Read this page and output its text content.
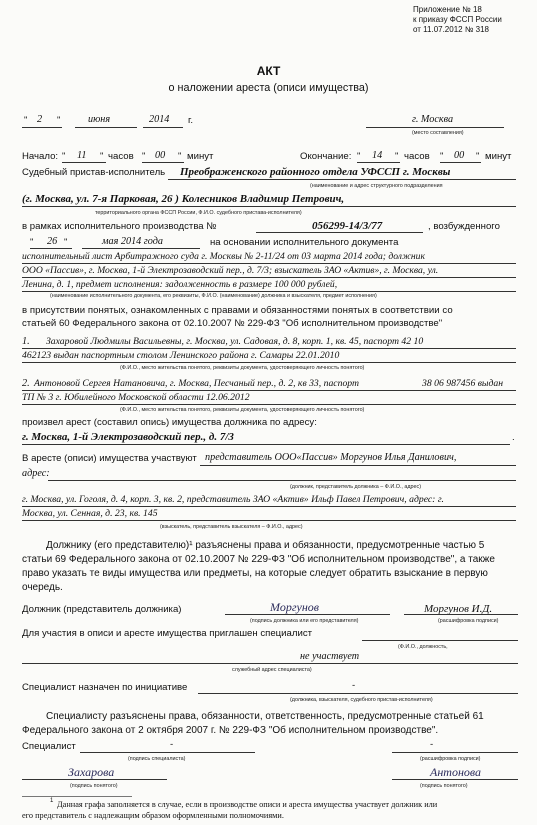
Приложение № 18
к приказу ФССП России
от 11.07.2012 № 318
АКТ
о наложении ареста (описи имущества)
" 2 "	июня	2014 г.	г. Москва
(место составления)
Начало: " 11 " часов " 00 " минут	Окончание: " 14 " часов " 00 " минут
Судебный пристав-исполнитель Преображенского районного отдела УФССП г. Москвы
(наименование и адрес структурного подразделения
(г. Москва, ул. 7-я Парковая, 26 ) Колесников Владимир Петрович,
территориального органа ФССП России, Ф.И.О. судебного пристава-исполнителя)
в рамках исполнительного производства №	056299-14/3/77	, возбужденного
" 26 "	мая 2014 года	на основании исполнительного документа
исполнительный лист Арбитражного суда г. Москвы № 2-11/24 от 03 марта 2014 года; должник
ООО «Пассив», г. Москва, 1-й Электрозаводский пер., д. 7/3; взыскатель ЗАО «Актив», г. Москва, ул.
Ленина, д. 1, предмет исполнения: задолженность в размере 100 000 рублей,
(наименование исполнительного документа, его реквизиты, Ф.И.О. (наименование) должника и взыскателя, предмет исполнения)
в присутствии понятых, ознакомленных с правами и обязанностями понятых в соответствии со
статьей 60 Федерального закона от 02.10.2007 № 229-ФЗ "Об исполнительном производстве"
1. Захаровой Людмилы Васильевны, г. Москва, ул. Садовая, д. 8, корп. 1, кв. 45, паспорт 42 10
462123 выдан паспортным столом Ленинского района г. Самары 22.01.2010
(Ф.И.О., место жительства понятого, реквизиты документа, удостоверяющего личность понятого)
2. Антоновой Сергея Натановича, г. Москва, Песчаный пер., д. 2, кв 33, паспорт	38 06 987456 выдан
ТП № 3 г. Юбилейного Московской области 12.06.2012
(Ф.И.О., место жительства понятого, реквизиты документа, удостоверяющего личность понятого)
произвел арест (составил опись) имущества должника по адресу:
г. Москва, 1-й Электрозаводский пер., д. 7/3	.
В аресте (описи) имущества участвуют представитель ООО«Пассив» Моргунов Илья Данилович,
адрес:
(должник, представитель должника – Ф.И.О., адрес)
г. Москва, ул. Гоголя, д. 4, корп. 3, кв. 2, представитель ЗАО «Актив» Ильф Павел Петрович, адрес: г.
Москва, ул. Сенная, д. 23, кв. 145
(взыскатель, представитель взыскателя – Ф.И.О., адрес)
Должнику (его представителю)¹ разъяснены права и обязанности, предусмотренные частью 5
статьи 69 Федерального закона от 02.10.2007 № 229-ФЗ "Об исполнительном производстве", а также
право указать те виды имущества или предметы, на которые следует обратить взыскание в первую
очередь.
Должник (представитель должника)	Моргунов
(подпись должника или его представителя)
Моргунов И.Д.
(расшифровка подписи)
Для участия в описи и аресте имущества приглашен специалист
(Ф.И.О., должность,
не участвует
служебный адрес специалиста)
Специалист назначен по инициативе	-
(должника, взыскателя, судебного пристав-исполнителя)
Специалисту разъяснены права, обязанности, ответственность, предусмотренные статьей 61
Федерального закона от 2 октября 2007 г. № 229-ФЗ "Об исполнительном производстве".
Специалист	-
(подпись специалиста)
-
(расшифровка подписи)
Захарова
(подпись понятого)
Антонова
(подпись понятого)
1 Данная графа заполняется в случае, если в производстве описи и ареста имущества участвует должник или
его представитель с надлежащим образом оформленными полномочиями.
